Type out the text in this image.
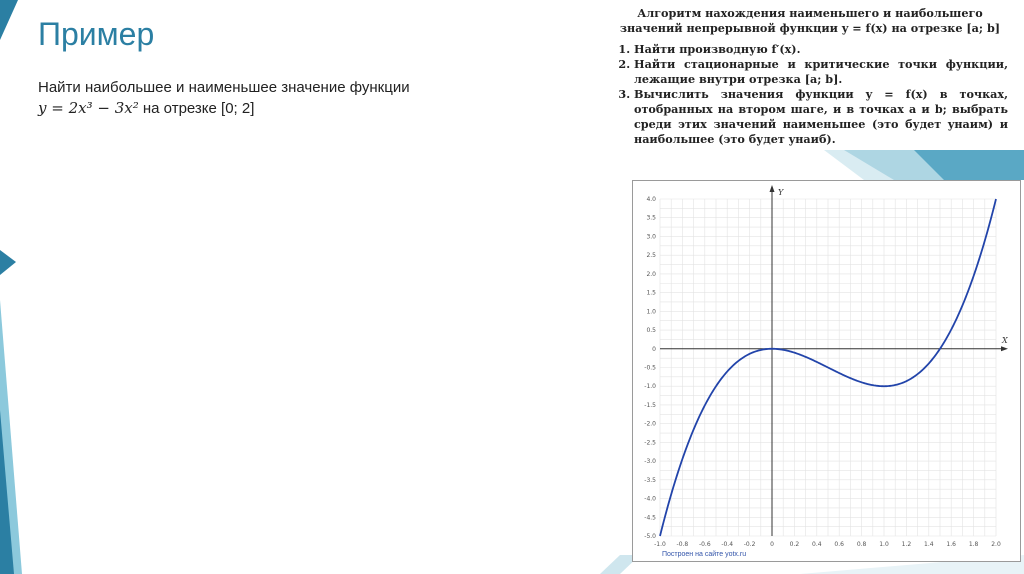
Пример
Найти наибольшее и наименьшее значение функции
y = 2x³ − 3x² на отрезке [0; 2]
Алгоритм нахождения наименьшего и наибольшего значений непрерывной функции y = f(x) на отрезке [a; b]
1. Найти производную f′(x).
2. Найти стационарные и критические точки функции, лежащие внутри отрезка [a; b].
3. Вычислить значения функции y = f(x) в точках, отобранных на втором шаге, и в точках a и b; выбрать среди этих значений наименьшее (это будет yнаим) и наибольшее (это будет yнаиб).
-1.0 -0.8 -0.6 -0.4 -0.2 0	0.2 0.4 0.6 0.8 1.0 1.2 1.4 1.6 1.8 2.0
4.0
3.5
3.0
2.5
2.0
1.5
1.0
0.5
0
-0.5
-1.0
-1.5
-2.0
-2.5
-3.0
-3.5
-4.0
-4.5
-5.0
X
Y
Построен на сайте yotx.ru
